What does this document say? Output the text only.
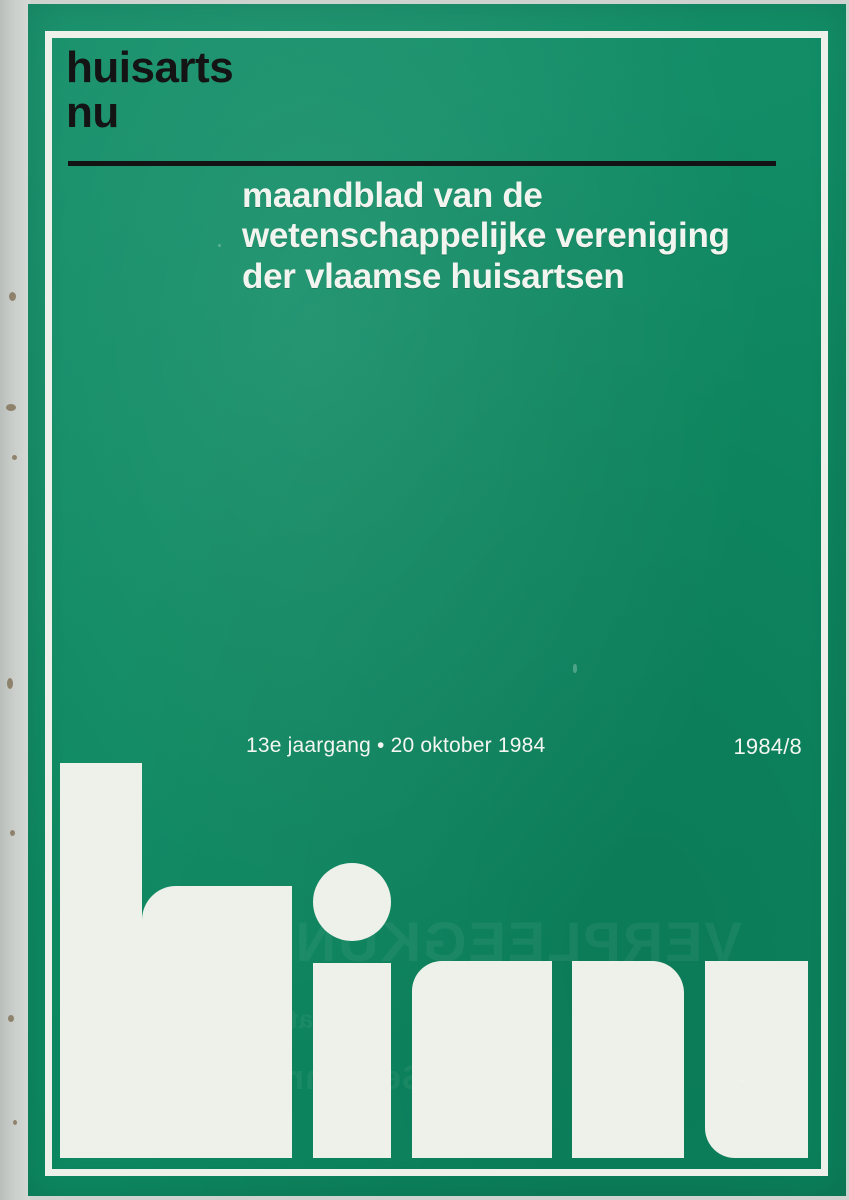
huisarts
nu
maandblad van de
wetenschappelijke vereniging
der vlaamse huisartsen
VERPLEEGKUNDIG
de patient
Serie nr. 1 - 7
13e jaargang • 20 oktober 1984	1984/8
